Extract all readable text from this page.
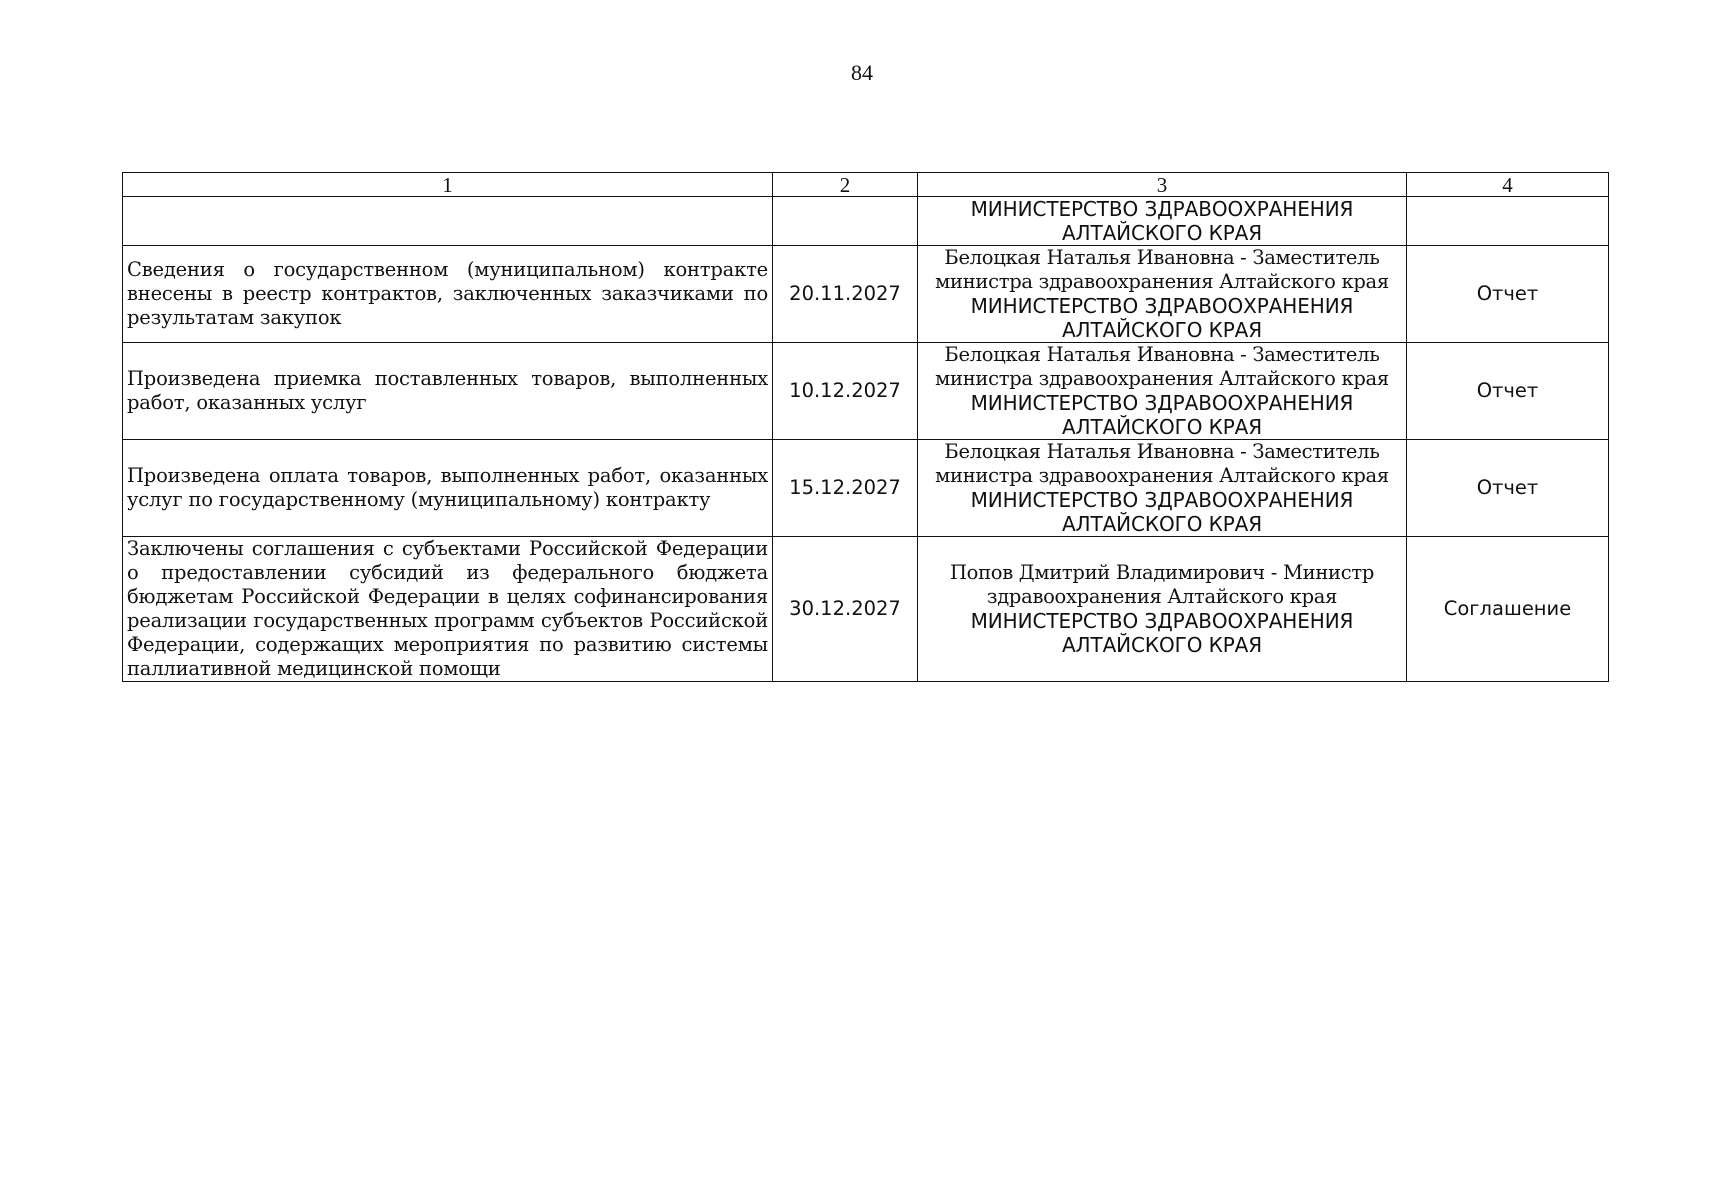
84
1	2	3	4

		МИНИСТЕРСТВО ЗДРАВООХРАНЕНИЯ АЛТАЙСКОГО КРАЯ	

Сведения о государственном (муниципальном) контракте внесены в реестр контрактов, заключенных заказчиками по результатам закупок	20.11.2027	Белоцкая Наталья Ивановна - Заместитель министра здравоохранения Алтайского края
МИНИСТЕРСТВО ЗДРАВООХРАНЕНИЯ АЛТАЙСКОГО КРАЯ	Отчет
Произведена приемка поставленных товаров, выполненных работ, оказанных услуг	10.12.2027	Белоцкая Наталья Ивановна - Заместитель министра здравоохранения Алтайского края
МИНИСТЕРСТВО ЗДРАВООХРАНЕНИЯ АЛТАЙСКОГО КРАЯ	Отчет
Произведена оплата товаров, выполненных работ, оказанных услуг по государственному (муниципальному) контракту	15.12.2027	Белоцкая Наталья Ивановна - Заместитель министра здравоохранения Алтайского края
МИНИСТЕРСТВО ЗДРАВООХРАНЕНИЯ АЛТАЙСКОГО КРАЯ	Отчет
Заключены соглашения с субъектами Российской Федерации о предоставлении субсидий из федерального бюджета бюджетам Российской Федерации в целях софинансирования реализации государственных программ субъектов Российской Федерации, содержащих мероприятия по развитию системы паллиативной медицинской помощи	30.12.2027	Попов Дмитрий Владимирович - Министр здравоохранения Алтайского края
МИНИСТЕРСТВО ЗДРАВООХРАНЕНИЯ АЛТАЙСКОГО КРАЯ	Соглашение
